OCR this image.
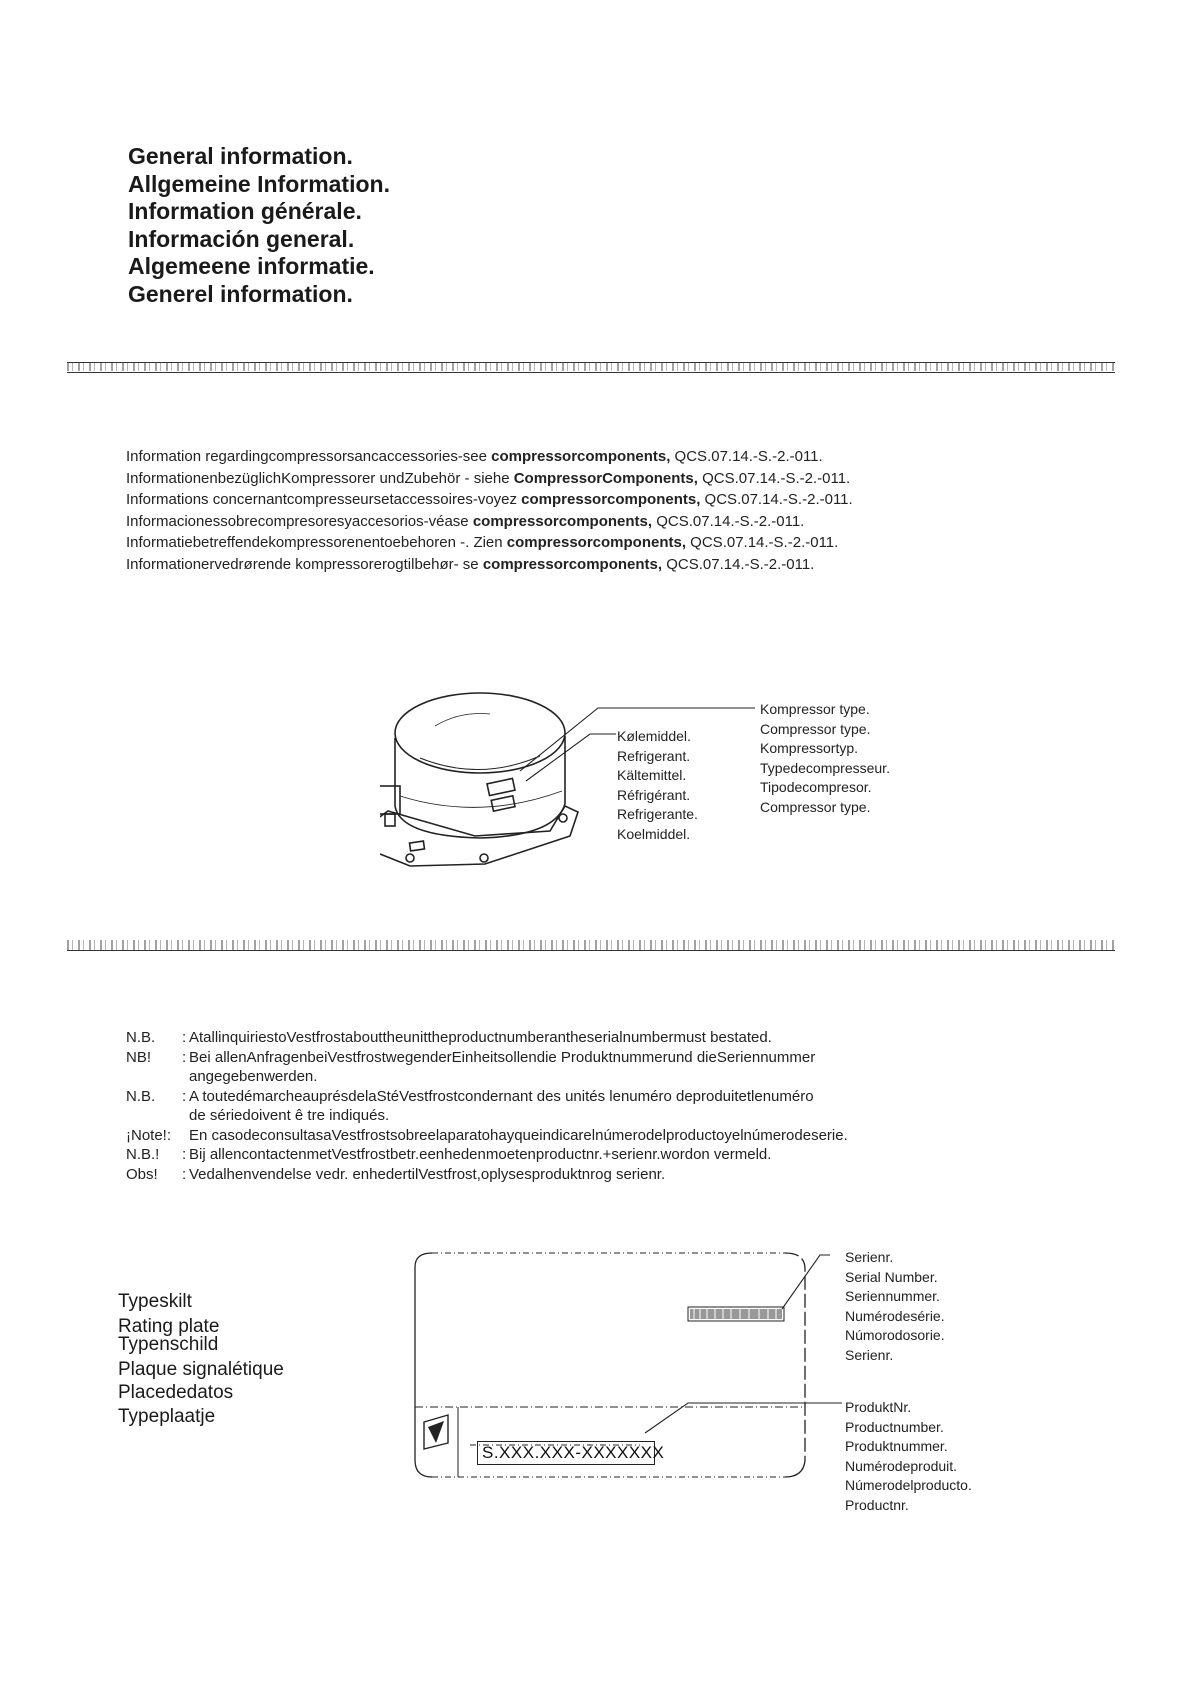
General information.
Allgemeine Information.
Information générale.
Información general.
Algemeene informatie.
Generel information.
Information regardingcompressorsancaccessories-see compressorcomponents, QCS.07.14.-S.-2.-011.
InformationenbezüglichKompressorer undZubehör - siehe CompressorComponents, QCS.07.14.-S.-2.-011.
Informations concernantcompresseursetaccessoires-voyez compressorcomponents, QCS.07.14.-S.-2.-011.
Informacionessobrecompresoresyaccesorios-véase compressorcomponents, QCS.07.14.-S.-2.-011.
Informatiebetreffendekompressorenentoebehoren -. Zien compressorcomponents, QCS.07.14.-S.-2.-011.
Informationervedrørende kompressorerogtilbehør- se compressorcomponents, QCS.07.14.-S.-2.-011.
Kølemiddel.
Refrigerant.
Kältemittel.
Réfrigérant.
Refrigerante.
Koelmiddel.
Kompressor type.
Compressor type.
Kompressortyp.
Typedecompresseur.
Tipodecompresor.
Compressor type.
N.B. : AtallinquiriestoVestfrostabouttheunittheproductnumberantheserialnumbermust bestated.
NB! : Bei allenAnfragenbeiVestfrostwegenderEinheitsollendie Produktnummerund dieSeriennummer
angegebenwerden.
N.B. : A toutedémarcheauprésdelaStéVestfrostcondernant des unités lenuméro deproduitetlenuméro
de sériedoivent ê tre indiqués.
¡Note!: En casodeconsultasaVestfrostsobreelaparatohayqueindicarelnúmerodelproductoyelnúmerodeserie.
N.B.! : Bij allencontactenmetVestfrostbetr.eenhedenmoetenproductnr.+serienr.wordon vermeld.
Obs! : Vedalhenvendelse vedr. enhedertilVestfrost,oplysesproduktnrog serienr.
Typeskilt
Rating plate
Typenschild
Plaque signalétique
Placededatos
Typeplaatje
S.XXX.XXX-XXXXXXX
Serienr.
Serial Number.
Seriennummer.
Numérodesérie.
Númorodosorie.
Serienr.
ProduktNr.
Productnumber.
Produktnummer.
Numérodeproduit.
Númerodelproducto.
Productnr.
